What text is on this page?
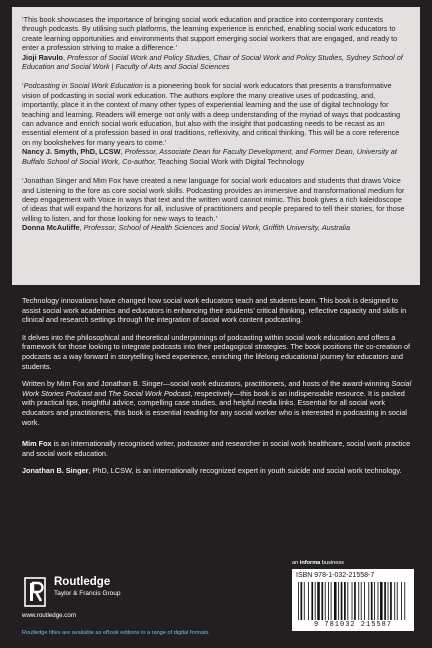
‘This book showcases the importance of bringing social work education and practice into contemporary contexts through podcasts. By utilising such platforms, the learning experience is enriched, enabling social work educators to create learning opportunities and environments that support emerging social workers that are engaged, and ready to enter a profession striving to make a difference.’

Jioji Ravulo, Professor of Social Work and Policy Studies, Chair of Social Work and Policy Studies, Sydney School of Education and Social Work | Faculty of Arts and Social Sciences

‘Podcasting in Social Work Education is a pioneering book for social work educators that presents a transformative vision of podcasting in social work education. The authors explore the many creative uses of podcasting, and, importantly, place it in the context of many other types of experiential learning and the use of digital technology for teaching and learning. Readers will emerge not only with a deep understanding of the myriad of ways that podcasting can advance and enrich social work education, but also with the insight that podcasting needs to be recast as an essential element of a profession based in oral traditions, reflexivity, and critical thinking. This will be a core reference on my bookshelves for many years to come.’

Nancy J. Smyth, PhD, LCSW, Professor, Associate Dean for Faculty Development, and Former Dean, University at Buffalo School of Social Work, Co-author, Teaching Social Work with Digital Technology

‘Jonathan Singer and Mim Fox have created a new language for social work educators and students that draws Voice and Listening to the fore as core social work skills. Podcasting provides an immersive and transformational medium for deep engagement with Voice in ways that text and the written word cannot mimic. This book gives a rich kaleidoscope of ideas that will expand the horizons for all, inclusive of practitioners and people prepared to tell their stories, for those willing to listen, and for those looking for new ways to teach.’

Donna McAuliffe, Professor, School of Health Sciences and Social Work, Griffith University, Australia

Technology innovations have changed how social work educators teach and students learn. This book is designed to assist social work academics and educators in enhancing their students’ critical thinking, reflective capacity and skills in clinical and research settings through the integration of social work content podcasting.

It delves into the philosophical and theoretical underpinnings of podcasting within social work education and offers a framework for those looking to integrate podcasts into their pedagogical strategies. The book positions the co-creation of podcasts as a way forward in storytelling lived experience, enriching the lifelong educational journey for educators and students.

Written by Mim Fox and Jonathan B. Singer—social work educators, practitioners, and hosts of the award-winning Social Work Stories Podcast and The Social Work Podcast, respectively—this book is an indispensable resource. It is packed with practical tips, insightful advice, compelling case studies, and helpful media links. Essential for all social work educators and practitioners, this book is essential reading for any social worker who is interested in podcasting in social work.

Mim Fox is an internationally recognised writer, podcaster and researcher in social work healthcare, social work practice and social work education.

Jonathan B. Singer, PhD, LCSW, is an internationally recognized expert in youth suicide and social work technology.

Routledge
Taylor & Francis Group
www.routledge.com
Routledge titles are available as eBook editions in a range of digital formats
an informa business
ISBN 978-1-032-21558-7
9 781032 215587
